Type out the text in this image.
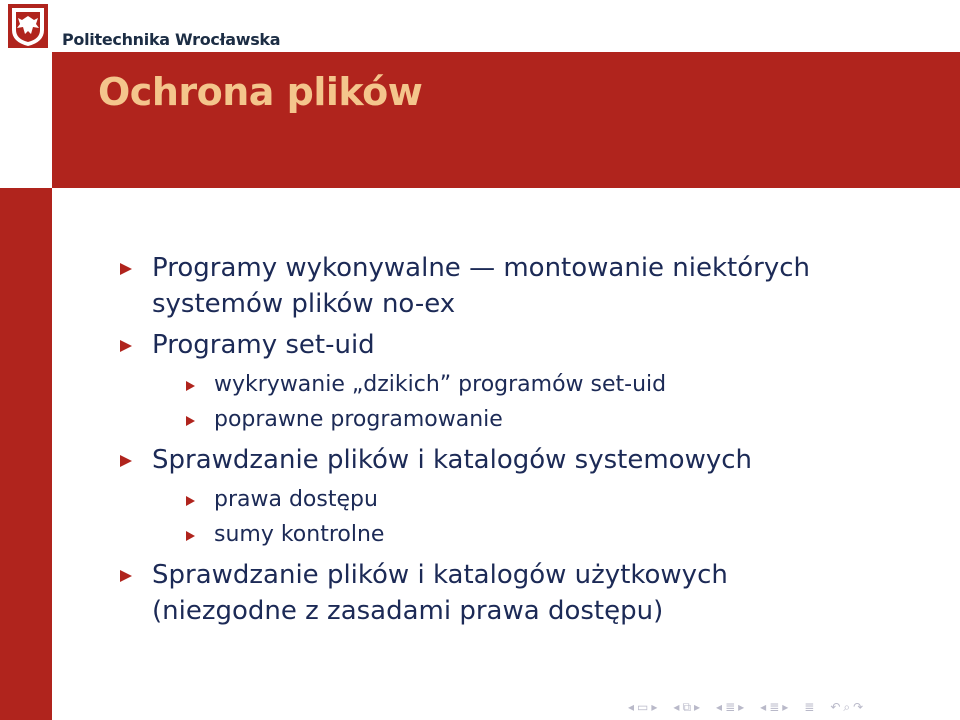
Politechnika Wrocławska
Ochrona plików
Programy wykonywalne — montowanie niektórych
systemów plików no-ex
Programy set-uid
wykrywanie „dzikich” programów set-uid
poprawne programowanie
Sprawdzanie plików i katalogów systemowych
prawa dostępu
sumy kontrolne
Sprawdzanie plików i katalogów użytkowych
(niezgodne z zasadami prawa dostępu)
◂ ▭ ▸ ◂ ⧉ ▸ ◂ ≣ ▸ ◂ ≣ ▸ ≣ ↶ ⌕ ↷
